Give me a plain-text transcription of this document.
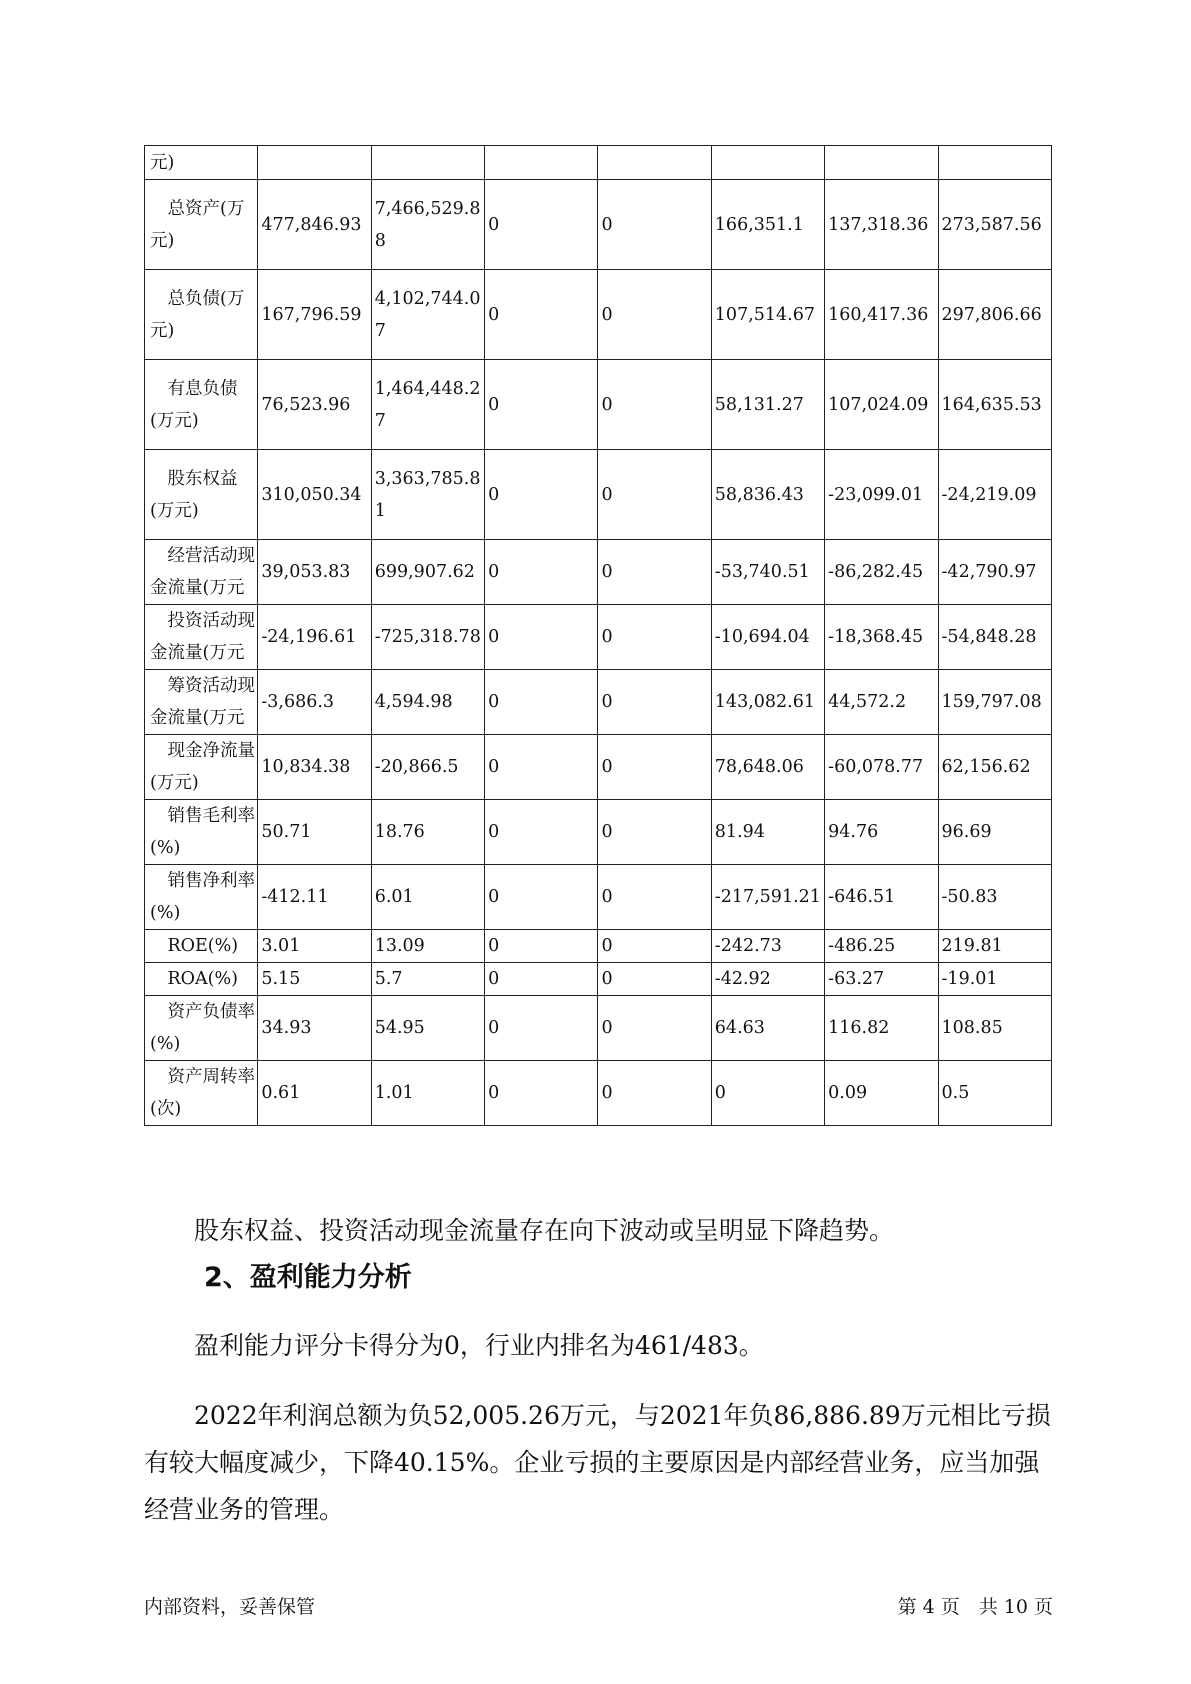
元)	

总资产(万元)	477,846.93	7,466,529.88	0	0	166,351.1	137,318.36	273,587.56

总负债(万元)	167,796.59	4,102,744.07	0	0	107,514.67	160,417.36	297,806.66

有息负债(万元)	76,523.96	1,464,448.27	0	0	58,131.27	107,024.09	164,635.53

股东权益(万元)	310,050.34	3,363,785.81	0	0	58,836.43	-23,099.01	-24,219.09

经营活动现金流量(万元	39,053.83	699,907.62	0	0	-53,740.51	-86,282.45	-42,790.97

投资活动现金流量(万元	-24,196.61	-725,318.78	0	0	-10,694.04	-18,368.45	-54,848.28

筹资活动现金流量(万元	-3,686.3	4,594.98	0	0	143,082.61	44,572.2	159,797.08

现金净流量(万元)	10,834.38	-20,866.5	0	0	78,648.06	-60,078.77	62,156.62

销售毛利率(%)	50.71	18.76	0	0	81.94	94.76	96.69

销售净利率(%)	-412.11	6.01	0	0	-217,591.21	-646.51	-50.83

ROE(%)	3.01	13.09	0	0	-242.73	-486.25	219.81

ROA(%)	5.15	5.7	0	0	-42.92	-63.27	-19.01

资产负债率(%)	34.93	54.95	0	0	64.63	116.82	108.85

资产周转率(次)	0.61	1.01	0	0	0	0.09	0.5

股东权益、投资活动现金流量存在向下波动或呈明显下降趋势。

2、盈利能力分析

盈利能力评分卡得分为0，行业内排名为461/483。

2022年利润总额为负52,005.26万元，与2021年负86,886.89万元相比亏损有较大幅度减少，下降40.15%。企业亏损的主要原因是内部经营业务，应当加强经营业务的管理。

内部资料，妥善保管	第 4 页　共 10 页
